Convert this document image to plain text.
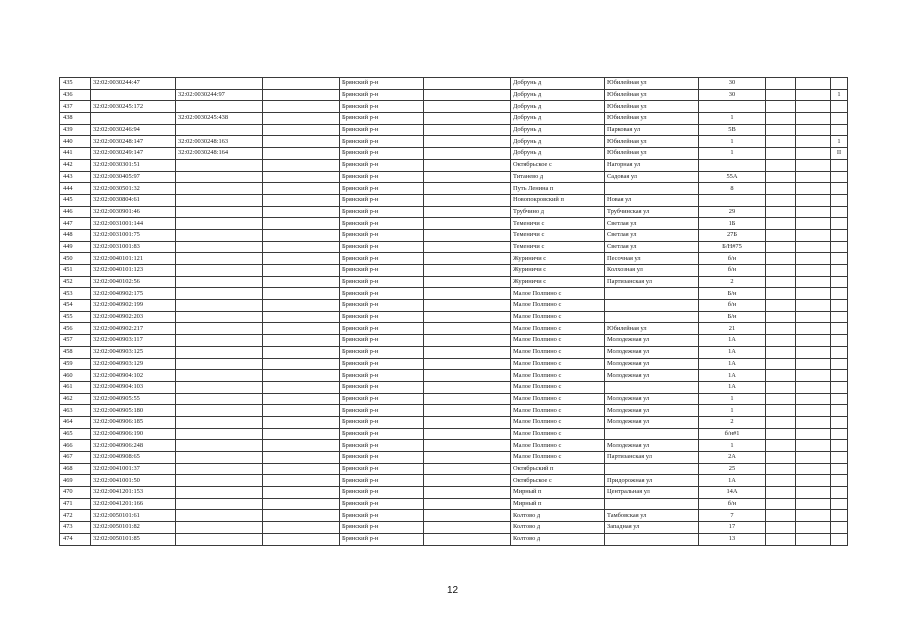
435	32:02:0030244:47			Брянский р-н		Добрунь д	Юбилейная ул	30			
436		32:02:0030244:97		Брянский р-н		Добрунь д	Юбилейная ул	30			1
437	32:02:0030245:172			Брянский р-н		Добрунь д	Юбилейная ул				
438		32:02:0030245:438		Брянский р-н		Добрунь д	Юбилейная ул	1			
439	32:02:0030246:94			Брянский р-н		Добрунь д	Парковая ул	5В			
440	32:02:0030248:147	32:02:0030248:163		Брянский р-н		Добрунь д	Юбилейная ул	1			1
441	32:02:0030249:147	32:02:0030248:164		Брянский р-н		Добрунь д	Юбилейная ул	1			II
442	32:02:0030301:51			Брянский р-н		Октябрьское с	Нагорная ул				
443	32:02:0030405:97			Брянский р-н		Титанево д	Садовая ул	55А			
444	32:02:0030501:32			Брянский р-н		Путь Ленина п		8			
445	32:02:0030804:61			Брянский р-н		Новопокровский п	Новая ул				
446	32:02:0030901:46			Брянский р-н		Трубчино д	Трубчинская ул	29			
447	32:02:0031001:144			Брянский р-н		Теменичи с	Светлая ул	1Б			
448	32:02:0031001:75			Брянский р-н		Теменичи с	Светлая ул	27Б			
449	32:02:0031001:83			Брянский р-н		Теменичи с	Светлая ул	Б/Н#75			
450	32:02:0040101:121			Брянский р-н		Журиничи с	Песочная ул	б/н			
451	32:02:0040101:123			Брянский р-н		Журиничи с	Колхозная ул	б/н			
452	32:02:0040102:56			Брянский р-н		Журиничи с	Партизанская ул	2			
453	32:02:0040902:175			Брянский р-н		Малое Полпино с		Б/н			
454	32:02:0040902:199			Брянский р-н		Малое Полпино с		б/н			
455	32:02:0040902:203			Брянский р-н		Малое Полпино с		Б/н			
456	32:02:0040902:217			Брянский р-н		Малое Полпино с	Юбилейная ул	21			
457	32:02:0040903:117			Брянский р-н		Малое Полпино с	Молодежная ул	1А			
458	32:02:0040903:125			Брянский р-н		Малое Полпино с	Молодежная ул	1А			
459	32:02:0040903:129			Брянский р-н		Малое Полпино с	Молодежная ул	1А			
460	32:02:0040904:102			Брянский р-н		Малое Полпино с	Молодежная ул	1А			
461	32:02:0040904:103			Брянский р-н		Малое Полпино с		1А			
462	32:02:0040905:55			Брянский р-н		Малое Полпино с	Молодежная ул	1			
463	32:02:0040905:180			Брянский р-н		Малое Полпино с	Молодежная ул	1			
464	32:02:0040906:185			Брянский р-н		Малое Полпино с	Молодежная ул	2			
465	32:02:0040906:190			Брянский р-н		Малое Полпино с		б/н#1			
466	32:02:0040906:248			Брянский р-н		Малое Полпино с	Молодежная ул	1			
467	32:02:0040908:65			Брянский р-н		Малое Полпино с	Партизанская ул	2А			
468	32:02:0041001:37			Брянский р-н		Октябрьский п		25			
469	32:02:0041001:50			Брянский р-н		Октябрьское с	Придорожная ул	1А			
470	32:02:0041201:153			Брянский р-н		Мирный п	Центральная ул	14А			
471	32:02:0041201:166			Брянский р-н		Мирный п		б/н			
472	32:02:0050101:61			Брянский р-н		Колтово д	Тамбовская ул	7			
473	32:02:0050101:82			Брянский р-н		Колтово д	Западная ул	17			
474	32:02:0050101:85			Брянский р-н		Колтово д		13			
12
